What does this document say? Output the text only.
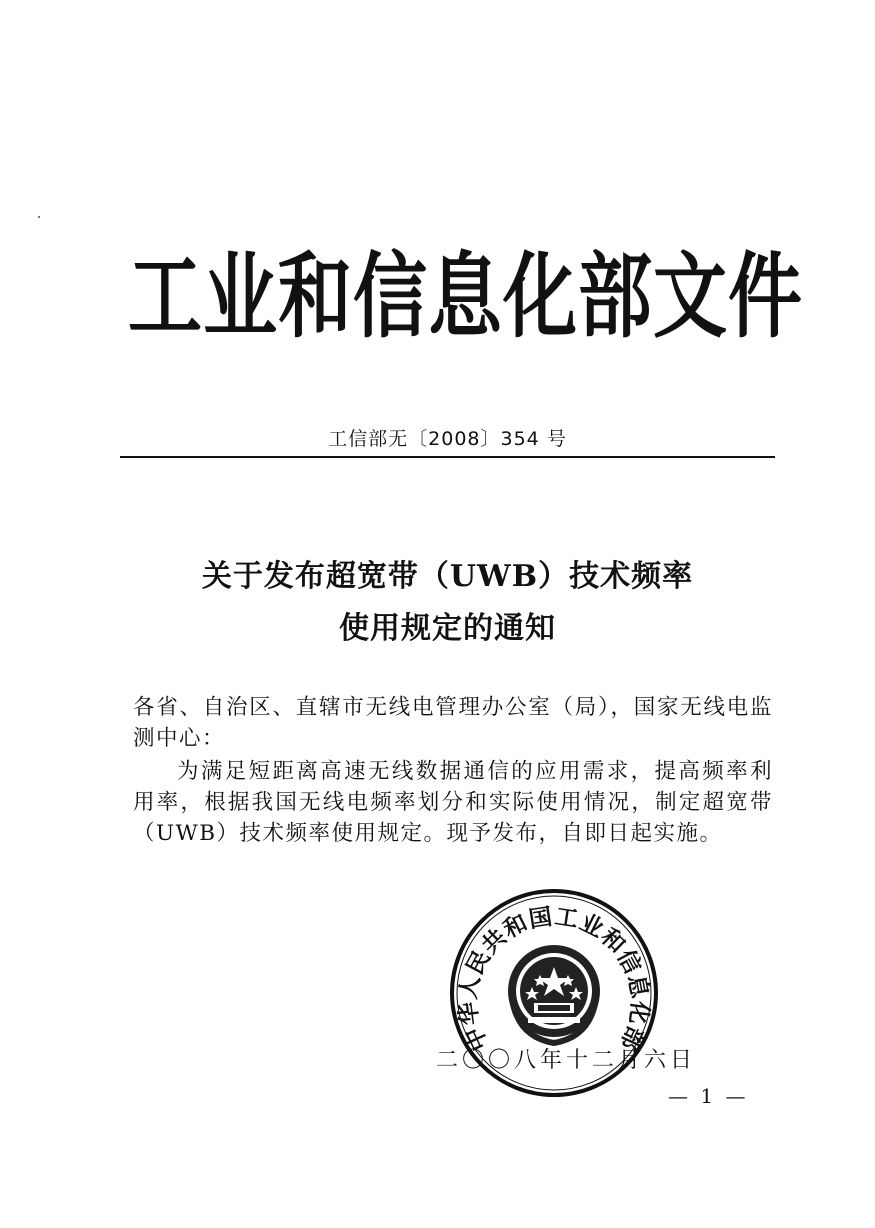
工业和信息化部文件
工信部无〔2008〕354 号
关于发布超宽带（UWB）技术频率
使用规定的通知
各省、自治区、直辖市无线电管理办公室（局），国家无线电监测中心：
为满足短距离高速无线数据通信的应用需求，提高频率利用率，根据我国无线电频率划分和实际使用情况，制定超宽带（UWB）技术频率使用规定。现予发布，自即日起实施。
二〇〇八年十二月六日
中华人民共和国工业和信息化部
— 1 —
